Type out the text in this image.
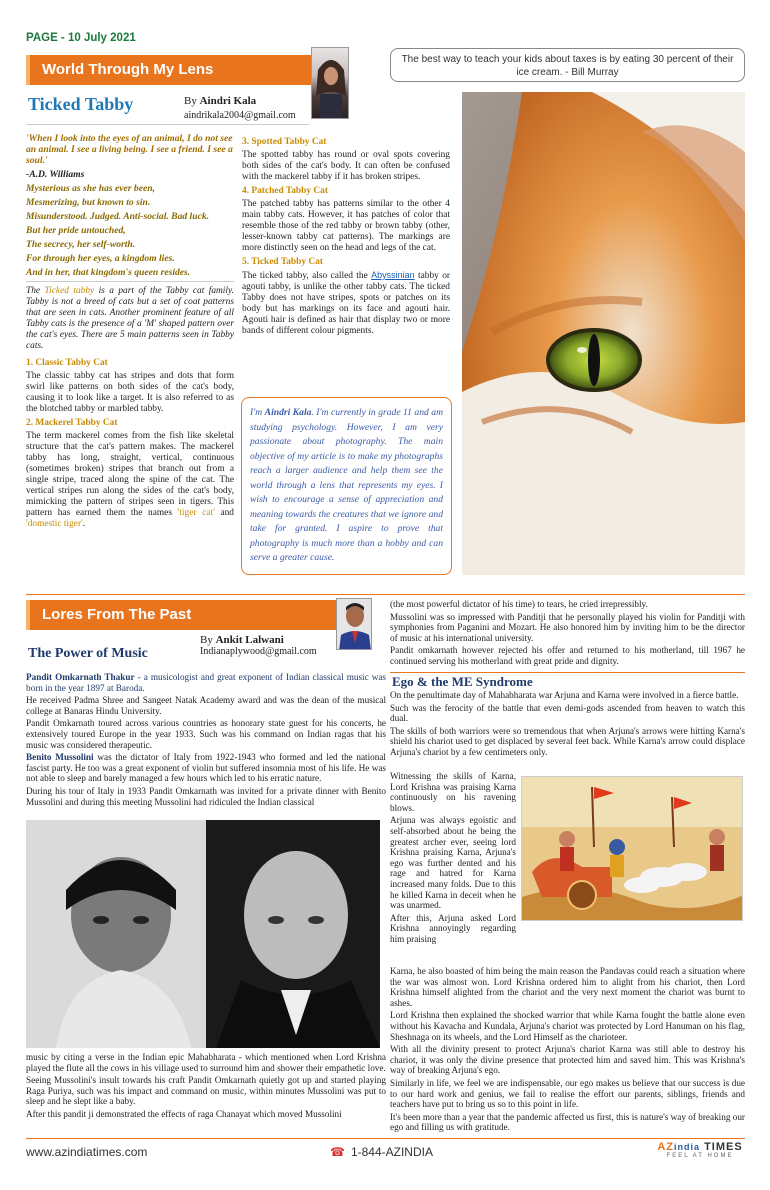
PAGE - 10 July 2021
World Through My Lens
The best way to teach your kids about taxes is by eating 30 percent of their ice cream. - Bill Murray
Ticked Tabby	By Aindri Kala
aindrikala2004@gmail.com
'When I look into the eyes of an animal, I do not see an animal. I see a living being. I see a friend. I see a soul.'
-A.D. Williams
Mysterious as she has ever been,
Mesmerizing, but known to sin.
Misunderstood. Judged. Anti-social. Bad luck.
But her pride untouched,
The secrecy, her self-worth.
For through her eyes, a kingdom lies.
And in her, that kingdom's queen resides.

The Ticked tabby is a part of the Tabby cat family. Tabby is not a breed of cats but a set of coat patterns that are seen in cats. Another prominent feature of all Tabby cats is the presence of a 'M' shaped pattern over the cat's eyes. There are 5 main patterns seen in Tabby cats.

1. Classic Tabby Cat

The classic tabby cat has stripes and dots that form swirl like patterns on both sides of the cat's body, causing it to look like a target. It is also referred to as the blotched tabby or marbled tabby.

2. Mackerel Tabby Cat

The term mackerel comes from the fish like skeletal structure that the cat's pattern makes. The mackerel tabby has long, straight, vertical, continuous (sometimes broken) stripes that branch out from a single stripe, traced along the spine of the cat. The vertical stripes run along the sides of the cat's body, mimicking the pattern of stripes seen in tigers. This pattern has earned them the names 'tiger cat' and 'domestic tiger'.

3. Spotted Tabby Cat

The spotted tabby has round or oval spots covering both sides of the cat's body. It can often be confused with the mackerel tabby if it has broken stripes.

4. Patched Tabby Cat

The patched tabby has patterns similar to the other 4 main tabby cats. However, it has patches of color that resemble those of the red tabby or brown tabby (other, lesser-known tabby cat patterns). The markings are more distinctly seen on the head and legs of the cat.

5. Ticked Tabby Cat

The ticked tabby, also called the Abyssinian tabby or agouti tabby, is unlike the other tabby cats. The ticked Tabby does not have stripes, spots or patches on its body but has markings on its face and agouti hair. Agouti hair is defined as hair that display two or more bands of different colour pigments.

I'm Aindri Kala. I'm currently in grade 11 and am studying psychology. However, I am very passionate about photography. The main objective of my article is to make my photographs reach a larger audience and help them see the world through a lens that represents my eyes. I wish to encourage a sense of appreciation and meaning towards the creatures that we ignore and take for granted. I aspire to prove that photography is much more than a hobby and can serve a greater cause.
Lores From The Past
By Ankit Lalwani
Indianaplywood@gmail.com
The Power of Music
Pandit Omkarnath Thakur - a musicologist and great exponent of Indian classical music was born in the year 1897 at Baroda.
He received Padma Shree and Sangeet Natak Academy award and was the dean of the musical college at Banaras Hindu University.
Pandit Omkarnath toured across various countries as honorary state guest for his concerts, he extensively toured Europe in the year 1933. Such was his command on Indian ragas that his music was considered therapeutic.
Benito Mussolini was the dictator of Italy from 1922-1943 who formed and led the national fascist party. He too was a great exponent of violin but suffered insomnia most of his life. He was not able to sleep and barely managed a few hours which led to his erratic nature.
During his tour of Italy in 1933 Pandit Omkarnath was invited for a private dinner with Benito Mussolini and during this meeting Mussolini had ridiculed the Indian classical
music by citing a verse in the Indian epic Mahabharata - which mentioned when Lord Krishna played the flute all the cows in his village used to surround him and shower their empathetic love.
Seeing Mussolini's insult towards his craft Pandit Omkarnath quietly got up and started playing Raga Puriya, such was his impact and command on music, within minutes Mussolini was put to sleep and he slept like a baby.
After this pandit ji demonstrated the effects of raga Chanayat which moved Mussolini
(the most powerful dictator of his time) to tears, he cried irrepressibly.
Mussolini was so impressed with Panditji that he personally played his violin for Panditji with symphonies from Paganini and Mozart. He also honored him by inviting him to be the director of music at his international university.
Pandit omkarnath however rejected his offer and returned to his motherland, till 1967 he continued serving his motherland with great pride and dignity.
Ego & the ME Syndrome
On the penultimate day of Mahabharata war Arjuna and Karna were involved in a fierce battle.
Such was the ferocity of the battle that even demi-gods ascended from heaven to watch this dual.
The skills of both warriors were so tremendous that when Arjuna's arrows were hitting Karna's shield his chariot used to get displaced by several feet back. While Karna's arrow could displace Arjuna's chariot by a few centimeters only.
Witnessing the skills of Karna, Lord Krishna was praising Karna continuously on his ravening blows.
Arjuna was always egoistic and self-absorbed about he being the greatest archer ever, seeing lord Krishna praising Karna, Arjuna's ego was further dented and his rage and hatred for Karna increased many folds. Due to this he killed Karna in deceit when he was unarmed.
After this, Arjuna asked Lord Krishna annoyingly regarding him praising
Karna, he also boasted of him being the main reason the Pandavas could reach a situation where the war was almost won. Lord Krishna ordered him to alight from his chariot, then Lord Krishna himself alighted from the chariot and the very next moment the chariot was burnt to ashes.
Lord Krishna then explained the shocked warrior that while Karna fought the battle alone even without his Kavacha and Kundala, Arjuna's chariot was protected by Lord Hanuman on his flag, Sheshnaga on its wheels, and the Lord Himself as the charioteer.
With all the divinity present to protect Arjuna's chariot Karna was still able to destroy his chariot, it was only the divine presence that protected him and saved him. This was Krishna's way of breaking Arjuna's ego.
Similarly in life, we feel we are indispensable, our ego makes us believe that our success is due to our hard work and genius, we fail to realise the effort our parents, siblings, friends and teachers have put to bring us so to this point in life.
It's been more than a year that the pandemic affected us first, this is nature's way of breaking our ego and filling us with gratitude.
www.azindiatimes.com	☎ 1-844-AZINDIA	AZindia TIMES
FEEL AT HOME
